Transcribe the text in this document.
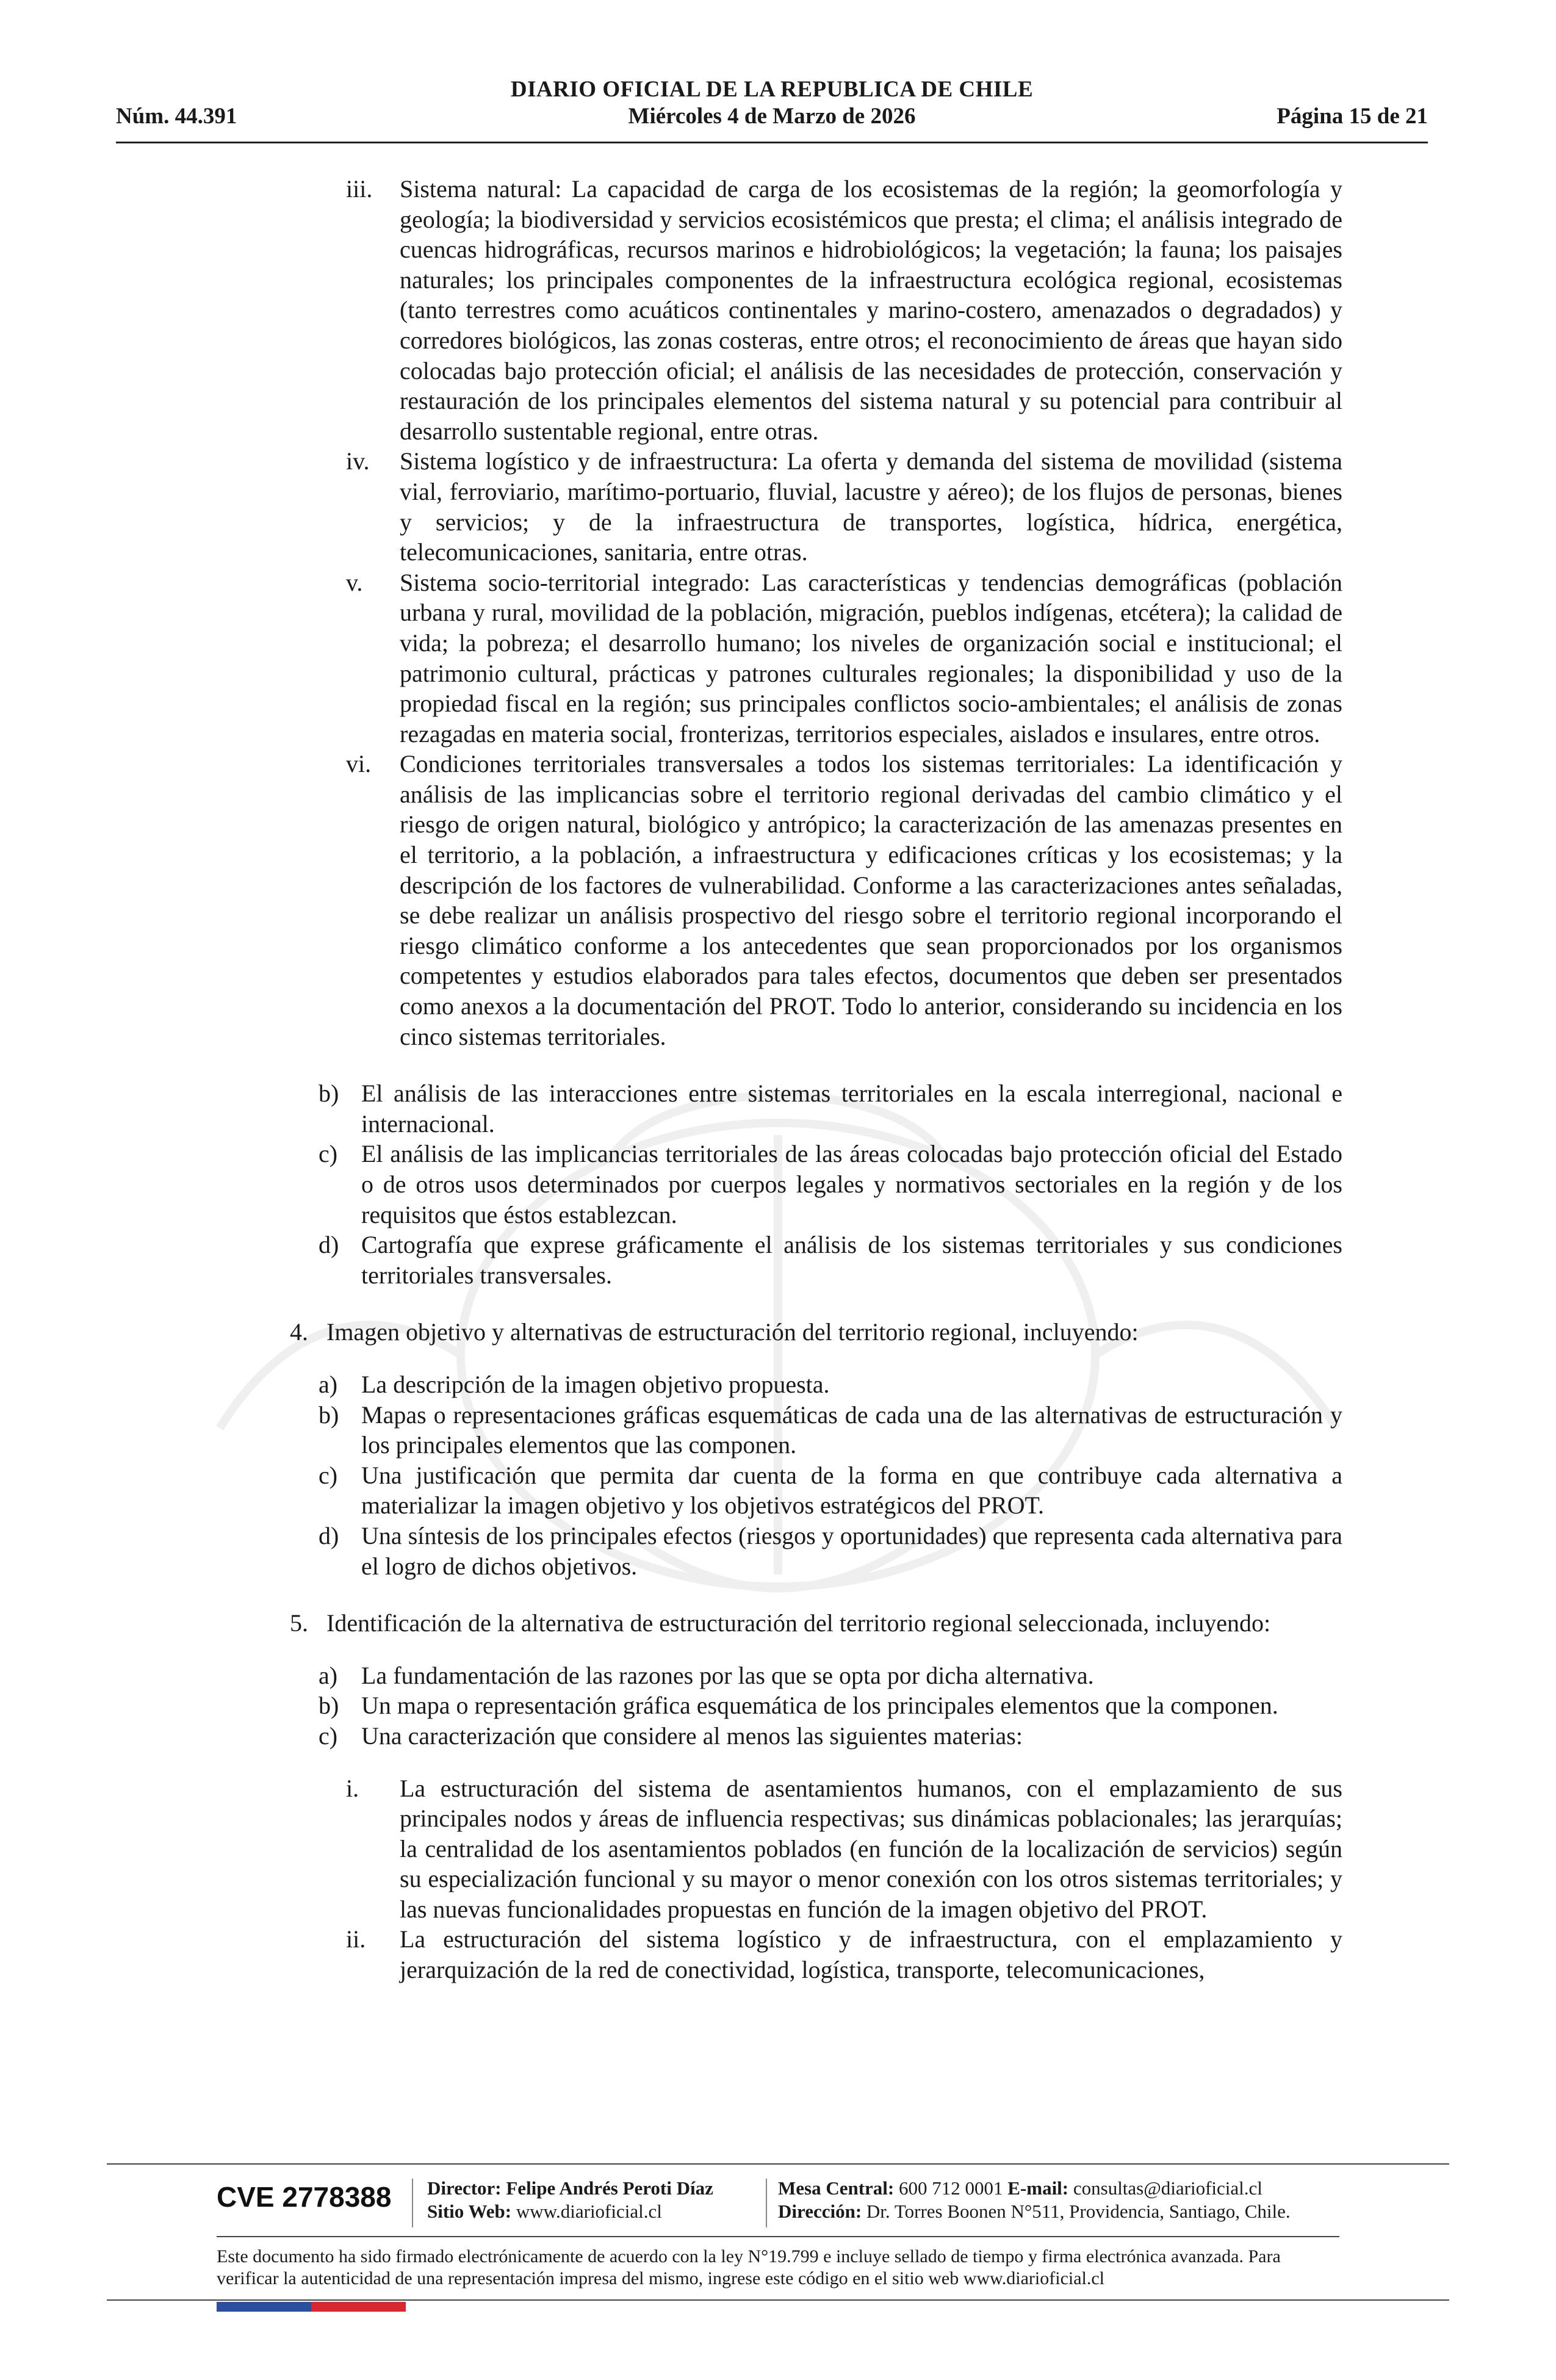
DIARIO OFICIAL DE LA REPUBLICA DE CHILE
Núm. 44.391	Miércoles 4 de Marzo de 2026	Página 15 de 21
iii. Sistema natural: La capacidad de carga de los ecosistemas de la región; la geomorfología y geología; la biodiversidad y servicios ecosistémicos que presta; el clima; el análisis integrado de cuencas hidrográficas, recursos marinos e hidrobiológicos; la vegetación; la fauna; los paisajes naturales; los principales componentes de la infraestructura ecológica regional, ecosistemas (tanto terrestres como acuáticos continentales y marino-costero, amenazados o degradados) y corredores biológicos, las zonas costeras, entre otros; el reconocimiento de áreas que hayan sido colocadas bajo protección oficial; el análisis de las necesidades de protección, conservación y restauración de los principales elementos del sistema natural y su potencial para contribuir al desarrollo sustentable regional, entre otras.
iv. Sistema logístico y de infraestructura: La oferta y demanda del sistema de movilidad (sistema vial, ferroviario, marítimo-portuario, fluvial, lacustre y aéreo); de los flujos de personas, bienes y servicios; y de la infraestructura de transportes, logística, hídrica, energética, telecomunicaciones, sanitaria, entre otras.
v. Sistema socio-territorial integrado: Las características y tendencias demográficas (población urbana y rural, movilidad de la población, migración, pueblos indígenas, etcétera); la calidad de vida; la pobreza; el desarrollo humano; los niveles de organización social e institucional; el patrimonio cultural, prácticas y patrones culturales regionales; la disponibilidad y uso de la propiedad fiscal en la región; sus principales conflictos socio-ambientales; el análisis de zonas rezagadas en materia social, fronterizas, territorios especiales, aislados e insulares, entre otros.
vi. Condiciones territoriales transversales a todos los sistemas territoriales: La identificación y análisis de las implicancias sobre el territorio regional derivadas del cambio climático y el riesgo de origen natural, biológico y antrópico; la caracterización de las amenazas presentes en el territorio, a la población, a infraestructura y edificaciones críticas y los ecosistemas; y la descripción de los factores de vulnerabilidad. Conforme a las caracterizaciones antes señaladas, se debe realizar un análisis prospectivo del riesgo sobre el territorio regional incorporando el riesgo climático conforme a los antecedentes que sean proporcionados por los organismos competentes y estudios elaborados para tales efectos, documentos que deben ser presentados como anexos a la documentación del PROT. Todo lo anterior, considerando su incidencia en los cinco sistemas territoriales.
b) El análisis de las interacciones entre sistemas territoriales en la escala interregional, nacional e internacional.
c) El análisis de las implicancias territoriales de las áreas colocadas bajo protección oficial del Estado o de otros usos determinados por cuerpos legales y normativos sectoriales en la región y de los requisitos que éstos establezcan.
d) Cartografía que exprese gráficamente el análisis de los sistemas territoriales y sus condiciones territoriales transversales.
4. Imagen objetivo y alternativas de estructuración del territorio regional, incluyendo:
a) La descripción de la imagen objetivo propuesta.
b) Mapas o representaciones gráficas esquemáticas de cada una de las alternativas de estructuración y los principales elementos que las componen.
c) Una justificación que permita dar cuenta de la forma en que contribuye cada alternativa a materializar la imagen objetivo y los objetivos estratégicos del PROT.
d) Una síntesis de los principales efectos (riesgos y oportunidades) que representa cada alternativa para el logro de dichos objetivos.
5. Identificación de la alternativa de estructuración del territorio regional seleccionada, incluyendo:
a) La fundamentación de las razones por las que se opta por dicha alternativa.
b) Un mapa o representación gráfica esquemática de los principales elementos que la componen.
c) Una caracterización que considere al menos las siguientes materias:
i. La estructuración del sistema de asentamientos humanos, con el emplazamiento de sus principales nodos y áreas de influencia respectivas; sus dinámicas poblacionales; las jerarquías; la centralidad de los asentamientos poblados (en función de la localización de servicios) según su especialización funcional y su mayor o menor conexión con los otros sistemas territoriales; y las nuevas funcionalidades propuestas en función de la imagen objetivo del PROT.
ii. La estructuración del sistema logístico y de infraestructura, con el emplazamiento y jerarquización de la red de conectividad, logística, transporte, telecomunicaciones,
CVE 2778388 Director: Felipe Andrés Peroti Díaz
Sitio Web: www.diarioficial.cl
Mesa Central: 600 712 0001 E-mail: consultas@diarioficial.cl
Dirección: Dr. Torres Boonen N°511, Providencia, Santiago, Chile.
Este documento ha sido firmado electrónicamente de acuerdo con la ley N°19.799 e incluye sellado de tiempo y firma electrónica avanzada. Para verificar la autenticidad de una representación impresa del mismo, ingrese este código en el sitio web www.diarioficial.cl
